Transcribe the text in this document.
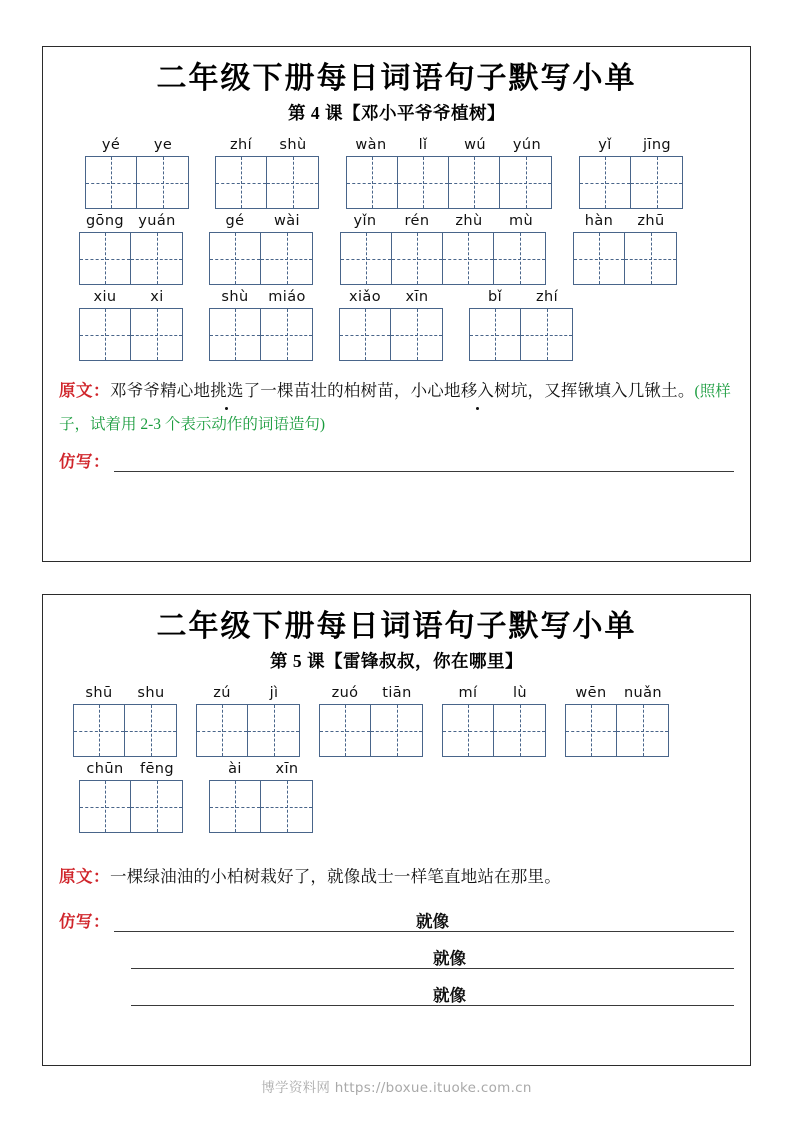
二年级下册每日词语句子默写小单
第 4 课【邓小平爷爷植树】
yé	ye	zhí	shù	wàn	lǐ	wú	yún	yǐ	jīng
gōng yuán	gé	wài	yǐn	rén	zhù	mù	hàn	zhū
xiu	xi	shù	miáo	xiǎo	xīn	bǐ	zhí
原文：邓爷爷精心地挑选了一棵苗壮的柏树苗，小心地移入树坑，又挥锹填入几锹土。(照样子，试着用 2-3 个表示动作的词语造句)
仿写：
二年级下册每日词语句子默写小单
第 5 课【雷锋叔叔，你在哪里】
shū	shu	zú	jì	zuó	tiān	mí	lù	wēn	nuǎn
chūn	fēng	ài	xīn
原文：一棵绿油油的小柏树栽好了，就像战士一样笔直地站在那里。
仿写：	就像
就像
就像
博学资料网 https://boxue.ituoke.com.cn
